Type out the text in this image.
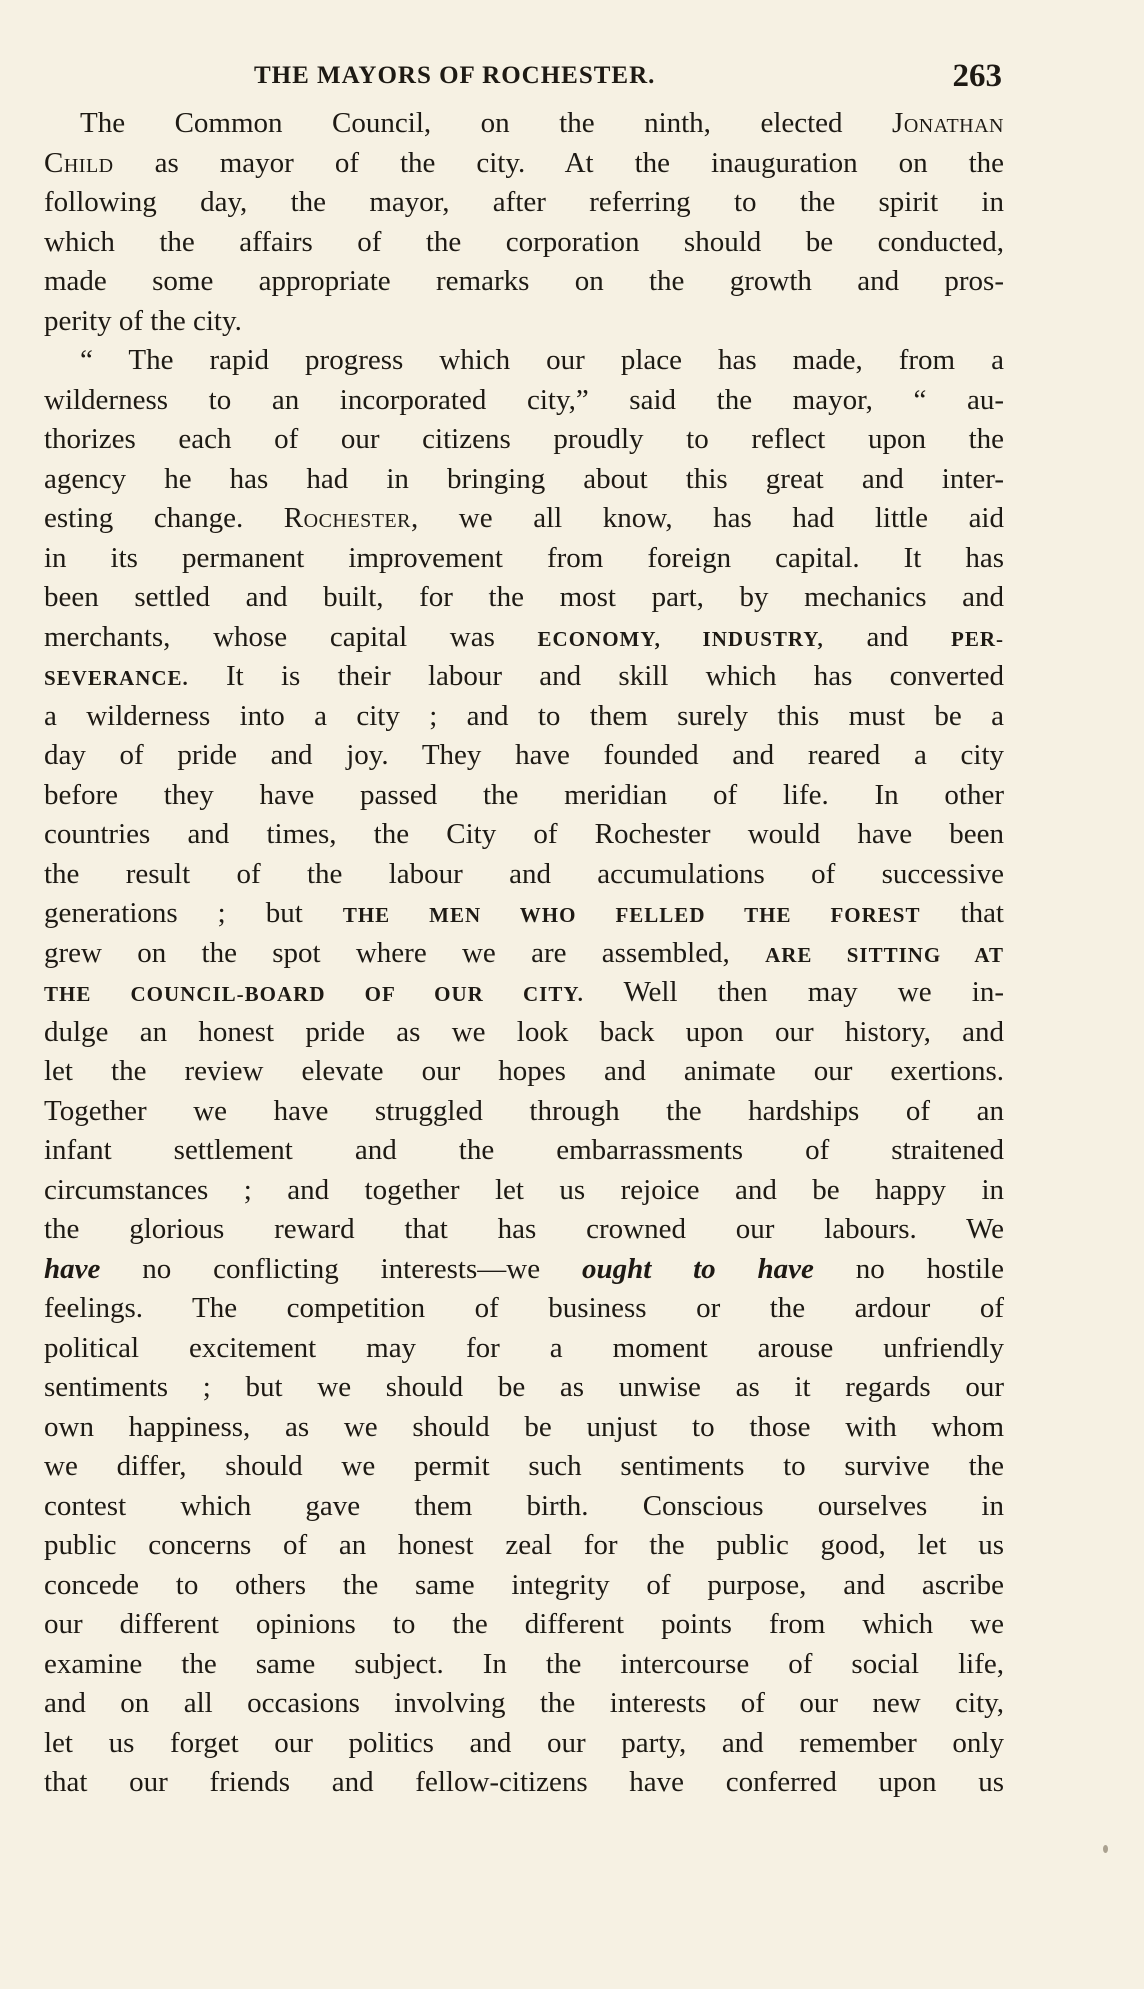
THE MAYORS OF ROCHESTER.	263
The Common Council, on the ninth, elected Jonathan
Child as mayor of the city. At the inauguration on the
following day, the mayor, after referring to the spirit in
which the affairs of the corporation should be conducted,
made some appropriate remarks on the growth and pros-
perity of the city.
“ The rapid progress which our place has made, from a
wilderness to an incorporated city,” said the mayor, “ au-
thorizes each of our citizens proudly to reflect upon the
agency he has had in bringing about this great and inter-
esting change. Rochester, we all know, has had little aid
in its permanent improvement from foreign capital. It has
been settled and built, for the most part, by mechanics and
merchants, whose capital was ECONOMY, INDUSTRY, and PER-
SEVERANCE. It is their labour and skill which has converted
a wilderness into a city ; and to them surely this must be a
day of pride and joy. They have founded and reared a city
before they have passed the meridian of life. In other
countries and times, the City of Rochester would have been
the result of the labour and accumulations of successive
generations ; but THE MEN WHO FELLED THE FOREST that
grew on the spot where we are assembled, ARE SITTING AT
THE COUNCIL-BOARD OF OUR CITY. Well then may we in-
dulge an honest pride as we look back upon our history, and
let the review elevate our hopes and animate our exertions.
Together we have struggled through the hardships of an
infant settlement and the embarrassments of straitened
circumstances ; and together let us rejoice and be happy in
the glorious reward that has crowned our labours. We
have no conflicting interests—we ought to have no hostile
feelings. The competition of business or the ardour of
political excitement may for a moment arouse unfriendly
sentiments ; but we should be as unwise as it regards our
own happiness, as we should be unjust to those with whom
we differ, should we permit such sentiments to survive the
contest which gave them birth. Conscious ourselves in
public concerns of an honest zeal for the public good, let us
concede to others the same integrity of purpose, and ascribe
our different opinions to the different points from which we
examine the same subject. In the intercourse of social life,
and on all occasions involving the interests of our new city,
let us forget our politics and our party, and remember only
that our friends and fellow-citizens have conferred upon us
